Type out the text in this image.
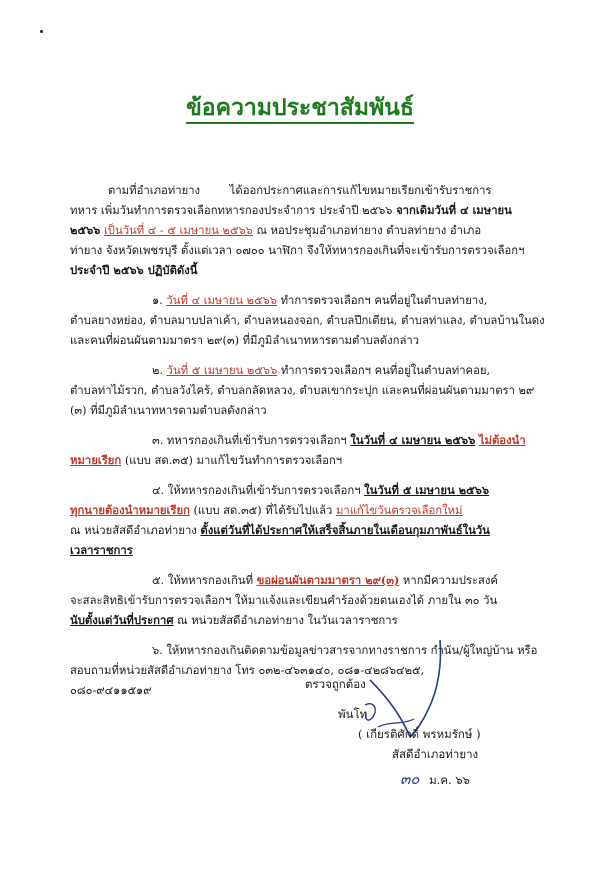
ข้อความประชาสัมพันธ์
ตามที่อำเภอท่ายาง	ได้ออกประกาศและการแก้ไขหมายเรียกเข้ารับราชการ
ทหาร เพิ่มวันทำการตรวจเลือกทหารกองประจำการ ประจำปี ๒๕๖๖ จากเดิมวันที่ ๔ เมษายน
๒๕๖๖ เป็นวันที่ ๔ - ๕ เมษายน ๒๕๖๖ ณ หอประชุมอำเภอท่ายาง ตำบลท่ายาง อำเภอ
ท่ายาง จังหวัดเพชรบุรี ตั้งแต่เวลา ๐๗๐๐ นาฬิกา จึงให้ทหารกองเกินที่จะเข้ารับการตรวจเลือกฯ
ประจำปี ๒๕๖๖ ปฏิบัติดังนี้
๑. วันที่ ๔ เมษายน ๒๕๖๖ ทำการตรวจเลือกฯ คนที่อยู่ในตำบลท่ายาง,
ตำบลยางหย่อง, ตำบลมาบปลาเค้า, ตำบลหนองจอก, ตำบลปึกเตียน, ตำบลท่าแลง, ตำบลบ้านในดง
และคนที่ผ่อนผันตามมาตรา ๒๙(๓) ที่มีภูมิลำเนาทหารตามตำบลดังกล่าว
๒. วันที่ ๕ เมษายน ๒๕๖๖ ทำการตรวจเลือกฯ คนที่อยู่ในตำบลท่าคอย,
ตำบลท่าไม้รวก, ตำบลวังไคร้, ตำบลกลัดหลวง, ตำบลเขากระปุก และคนที่ผ่อนผันตามมาตรา ๒๙
(๓) ที่มีภูมิลำเนาทหารตามตำบลดังกล่าว
๓. ทหารกองเกินที่เข้ารับการตรวจเลือกฯ ในวันที่ ๔ เมษายน ๒๕๖๖ ไม่ต้องนำ
หมายเรียก (แบบ สด.๓๕) มาแก้ไขวันทำการตรวจเลือกฯ
๔. ให้ทหารกองเกินที่เข้ารับการตรวจเลือกฯ ในวันที่ ๕ เมษายน ๒๕๖๖
ทุกนายต้องนำหมายเรียก (แบบ สด.๓๕) ที่ได้รับไปแล้ว มาแก้ไขวันตรวจเลือกใหม่
ณ หน่วยสัสดีอำเภอท่ายาง ตั้งแต่วันที่ได้ประกาศให้เสร็จสิ้นภายในเดือนกุมภาพันธ์ในวัน
เวลาราชการ
๕. ให้ทหารกองเกินที่ ขอผ่อนผันตามมาตรา ๒๙(๓) หากมีความประสงค์
จะสละสิทธิเข้ารับการตรวจเลือกฯ ให้มาแจ้งและเขียนคำร้องด้วยตนเองได้ ภายใน ๓๐ วัน
นับตั้งแต่วันที่ประกาศ ณ หน่วยสัสดีอำเภอท่ายาง ในวันเวลาราชการ
๖. ให้ทหารกองเกินติดตามข้อมูลข่าวสารจากทางราชการ กำนัน/ผู้ใหญ่บ้าน หรือ
สอบถามที่หน่วยสัสดีอำเภอท่ายาง โทร ๐๓๒-๔๖๓๑๔๐, ๐๘๑-๔๒๘๖๔๒๕,
๐๘๐-๙๔๑๑๕๑๙	ตรวจถูกต้อง
พันโท
( เกียรติศักดิ์ พรหมรักษ์ )
สัสดีอำเภอท่ายาง
๓๐ ม.ค. ๖๖
